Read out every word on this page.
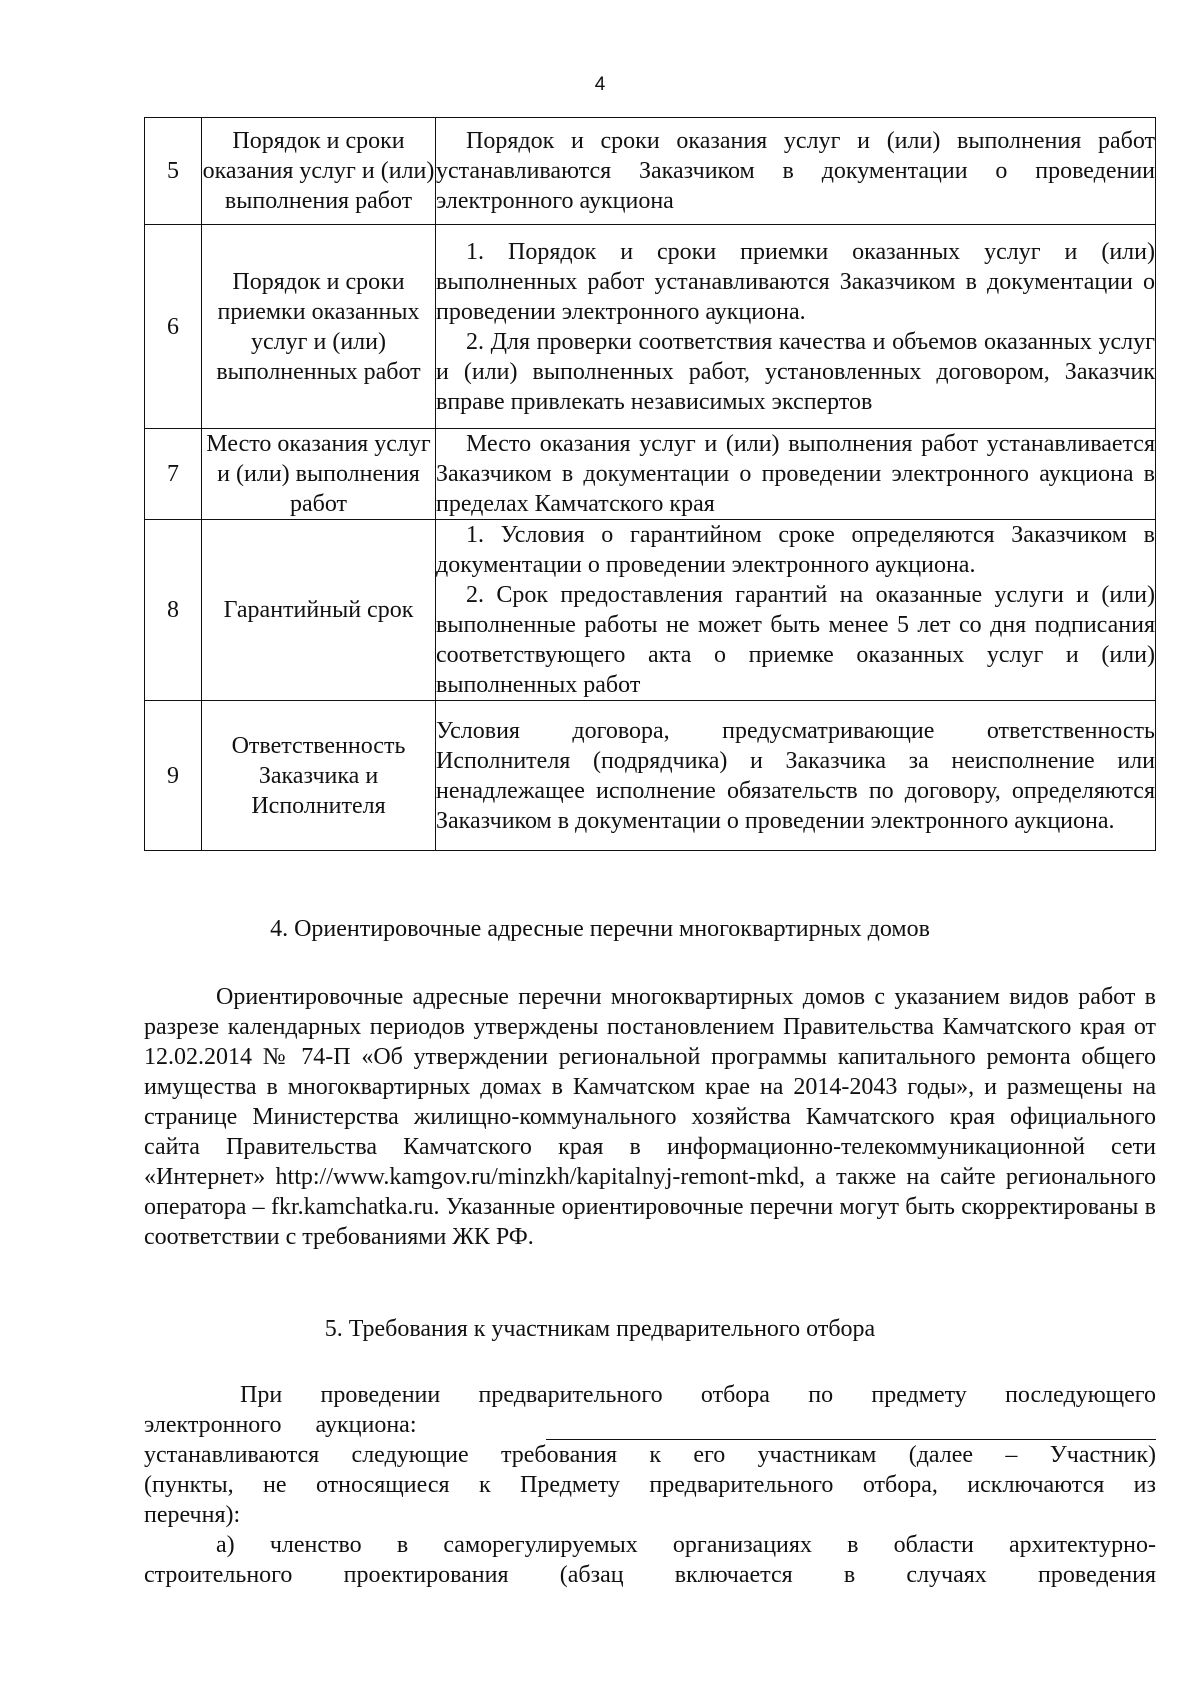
4
5	Порядок и сроки оказания услуг и (или) выполнения работ	Порядок и сроки оказания услуг и (или) выполнения работ устанавливаются Заказчиком в документации о проведении электронного аукциона

6	Порядок и сроки приемки оказанных услуг и (или) выполненных работ	1. Порядок и сроки приемки оказанных услуг и (или) выполненных работ устанавливаются Заказчиком в документации о проведении электронного аукциона.

2. Для проверки соответствия качества и объемов оказанных услуг и (или) выполненных работ, установленных договором, Заказчик вправе привлекать независимых экспертов

7	Место оказания услуг и (или) выполнения работ	Место оказания услуг и (или) выполнения работ устанавливается Заказчиком в документации о проведении электронного аукциона в пределах Камчатского края

8	Гарантийный срок	1. Условия о гарантийном сроке определяются Заказчиком в документации о проведении электронного аукциона.

2. Срок предоставления гарантий на оказанные услуги и (или) выполненные работы не может быть менее 5 лет со дня подписания соответствующего акта о приемке оказанных услуг и (или) выполненных работ

9	Ответственность Заказчика и Исполнителя	Условия договора, предусматривающие ответственность Исполнителя (подрядчика) и Заказчика за неисполнение или ненадлежащее исполнение обязательств по договору, определяются Заказчиком в документации о проведении электронного аукциона.

4. Ориентировочные адресные перечни многоквартирных домов

Ориентировочные адресные перечни многоквартирных домов с указанием видов работ в разрезе календарных периодов утверждены постановлением Правительства Камчатского края от 12.02.2014 № 74-П «Об утверждении региональной программы капитального ремонта общего имущества в многоквартирных домах в Камчатском крае на 2014-2043 годы», и размещены на странице Министерства жилищно-коммунального хозяйства Камчатского края официального сайта Правительства Камчатского края в информационно-телекоммуникационной сети «Интернет» http://www.kamgov.ru/minzkh/kapitalnyj-remont-mkd, а также на сайте регионального оператора – fkr.kamchatka.ru. Указанные ориентировочные перечни могут быть скорректированы в соответствии с требованиями ЖК РФ.

5. Требования к участникам предварительного отбора
При проведении предварительного отбора по предмету последующего
электронного аукциона:
устанавливаются следующие требования к его участникам (далее – Участник)
(пункты, не относящиеся к Предмету предварительного отбора, исключаются из
перечня):
а) членство в саморегулируемых организациях в области архитектурно-
строительного проектирования (абзац включается в случаях проведения
